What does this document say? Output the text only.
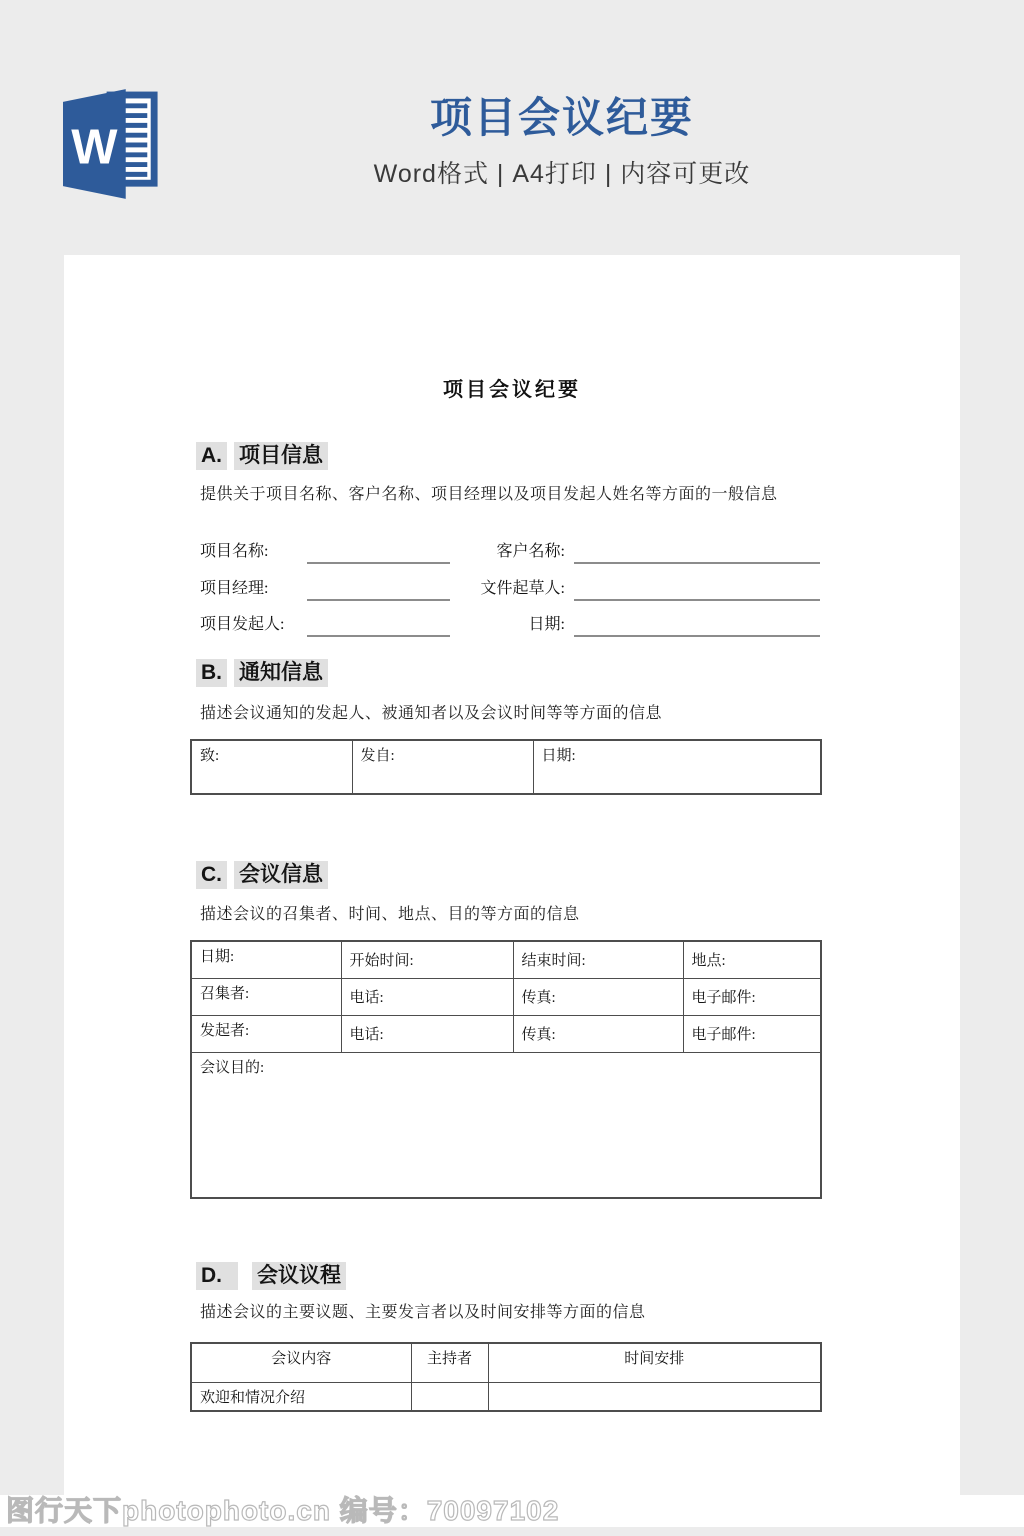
W
项目会议纪要
Word格式 | A4打印 | 内容可更改
项目会议纪要
A. 项目信息

提供关于项目名称、客户名称、项目经理以及项目发起人姓名等方面的一般信息

项目名称:	客户名称:
项目经理:	文件起草人:
项目发起人:	日期:
B. 通知信息

描述会议通知的发起人、被通知者以及会议时间等等方面的信息

致:	发自:	日期:
C. 会议信息

描述会议的召集者、时间、地点、目的等方面的信息

日期:	开始时间:	结束时间:	地点:
召集者:	电话:	传真:	电子邮件:
发起者:	电话:	传真:	电子邮件:
会议目的:			
D. 会议议程

描述会议的主要议题、主要发言者以及时间安排等方面的信息

会议内容	主持者	时间安排
欢迎和情况介绍		
图行天下photophoto.cn 编号：70097102
